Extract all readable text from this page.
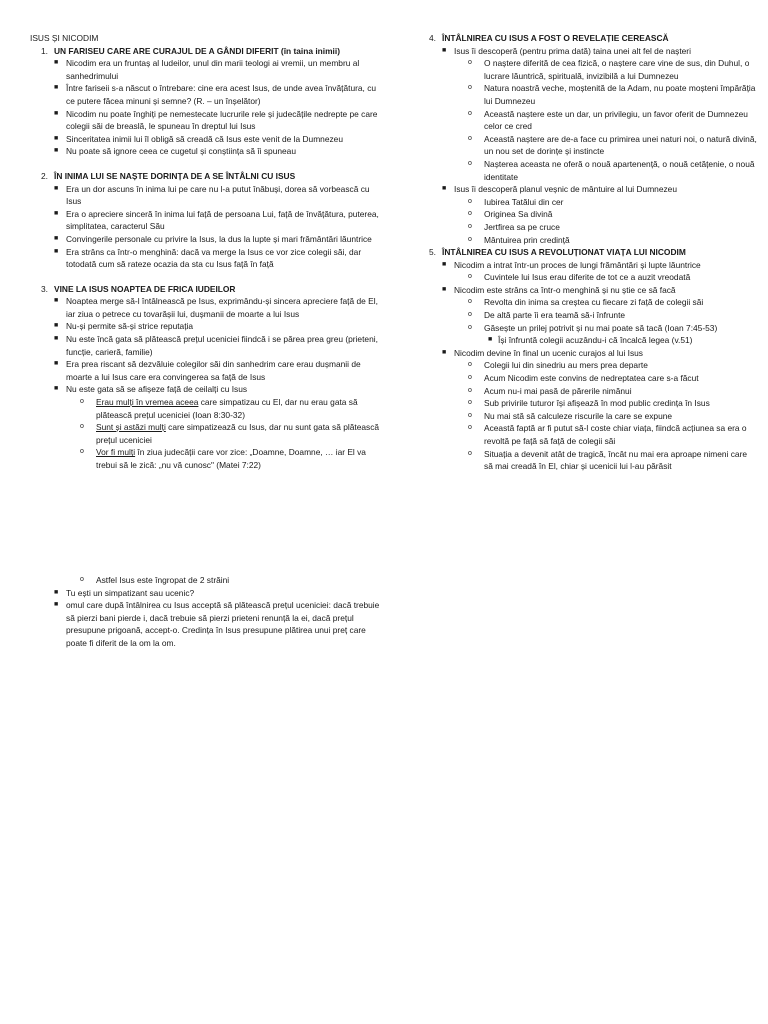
ISUS ȘI NICODIM

1. UN FARISEU CARE ARE CURAJUL DE A GÂNDI DIFERIT (în taina inimii)
■ Nicodim era un fruntaș al Iudeilor, unul din marii teologi ai vremii, un membru al sanhedrimului
■ Între fariseii s-a născut o întrebare: cine era acest Isus, de unde avea învățătura, cu ce putere făcea minuni și semne? (R. – un înșelător)
■ Nicodim nu poate înghiți pe nemestecate lucrurile rele și judecățile nedrepte pe care colegii săi de breaslă, le spuneau în dreptul lui Isus
■ Sinceritatea inimii lui îl obligă să creadă că Isus este venit de la Dumnezeu
■ Nu poate să ignore ceea ce cugetul și conștiința să îi spuneau
2. ÎN INIMA LUI SE NAȘTE DORINȚA DE A SE ÎNTÂLNI CU ISUS
■ Era un dor ascuns în inima lui pe care nu l-a putut înăbuși, dorea să vorbească cu Isus
■ Era o apreciere sinceră în inima lui față de persoana Lui, față de învățătura, puterea, simplitatea, caracterul Său
■ Convingerile personale cu privire la Isus, la dus la lupte și mari frământări lăuntrice
■ Era strâns ca într-o menghină: dacă va merge la Isus ce vor zice colegii săi, dar totodată cum să rateze ocazia da sta cu Isus față în față
3. VINE LA ISUS NOAPTEA DE FRICA IUDEILOR
■ Noaptea merge să-l întâlnească pe Isus, exprimându-și sincera apreciere față de El, iar ziua o petrece cu tovarășii lui, dușmanii de moarte a lui Isus
■ Nu-și permite să-și strice reputația
■ Nu este încă gata să plătească prețul uceniciei fiindcă i se părea prea greu (prieteni, funcție, carieră, familie)
■ Era prea riscant să dezvăluie colegilor săi din sanhedrim care erau dușmanii de moarte a lui Isus care era convingerea sa față de Isus
■ Nu este gata să se afișeze față de ceilalți cu Isus
o	Erau mulți în vremea aceea care simpatizau cu El, dar nu erau gata să plătească prețul uceniciei (Ioan 8:30-32)
o	Sunt și astăzi mulți care simpatizează cu Isus, dar nu sunt gata să plătească prețul uceniciei
o	Vor fi mulți în ziua judecății care vor zice: „Doamne, Doamne, … iar El va trebui să le zică: „nu vă cunosc" (Matei 7:22)
o	Astfel Isus este îngropat de 2 străini
■ Tu ești un simpatizant sau ucenic?
■ omul care după întâlnirea cu Isus acceptă să plătească prețul uceniciei: dacă trebuie să pierzi bani pierde i, dacă trebuie să pierzi prieteni renunță la ei, dacă prețul presupune prigoană, accept-o. Credința în Isus presupune plătirea unui preț care poate fi diferit de la om la om.
4. ÎNTÂLNIREA CU ISUS A FOST O REVELAȚIE CEREASCĂ
■ Isus îi descoperă (pentru prima dată) taina unei alt fel de nașteri
o	O naștere diferită de cea fizică, o naștere care vine de sus, din Duhul, o lucrare lăuntrică, spirituală, invizibilă a lui Dumnezeu
o	Natura noastră veche, moștenită de la Adam, nu poate moșteni împărăția lui Dumnezeu
o	Această naștere este un dar, un privilegiu, un favor oferit de Dumnezeu celor ce cred
o	Această naștere are de-a face cu primirea unei naturi noi, o natură divină, un nou set de dorințe și instincte
o	Nașterea aceasta ne oferă o nouă apartenență, o nouă cetățenie, o nouă identitate
■ Isus îi descoperă planul veșnic de mântuire al lui Dumnezeu
o	Iubirea Tatălui din cer
o	Originea Sa divină
o	Jertfirea sa pe cruce
o	Mântuirea prin credință
5. ÎNTÂLNIREA CU ISUS A REVOLUȚIONAT VIAȚA LUI NICODIM
■ Nicodim a intrat într-un proces de lungi frământări și lupte lăuntrice
o	Cuvintele lui Isus erau diferite de tot ce a auzit vreodată
■ Nicodim este strâns ca într-o menghină și nu știe ce să facă
o	Revolta din inima sa creștea cu fiecare zi față de colegii săi
o	De altă parte îi era teamă să-i înfrunte
o	Găsește un prilej potrivit și nu mai poate să tacă (Ioan 7:45-53)
■ Își înfruntă colegii acuzându-i că încalcă legea (v.51)
■ Nicodim devine în final un ucenic curajos al lui Isus
o	Colegii lui din sinedriu au mers prea departe
o	Acum Nicodim este convins de nedreptatea care s-a făcut
o	Acum nu-i mai pasă de părerile nimănui
o	Sub privirile tuturor își afișează în mod public credința în Isus
o	Nu mai stă să calculeze riscurile la care se expune
o	Această faptă ar fi putut să-l coste chiar viața, fiindcă acțiunea sa era o revoltă pe față să față de colegii săi
o	Situația a devenit atât de tragică, încât nu mai era aproape nimeni care să mai creadă în El, chiar și ucenicii lui l-au părăsit
